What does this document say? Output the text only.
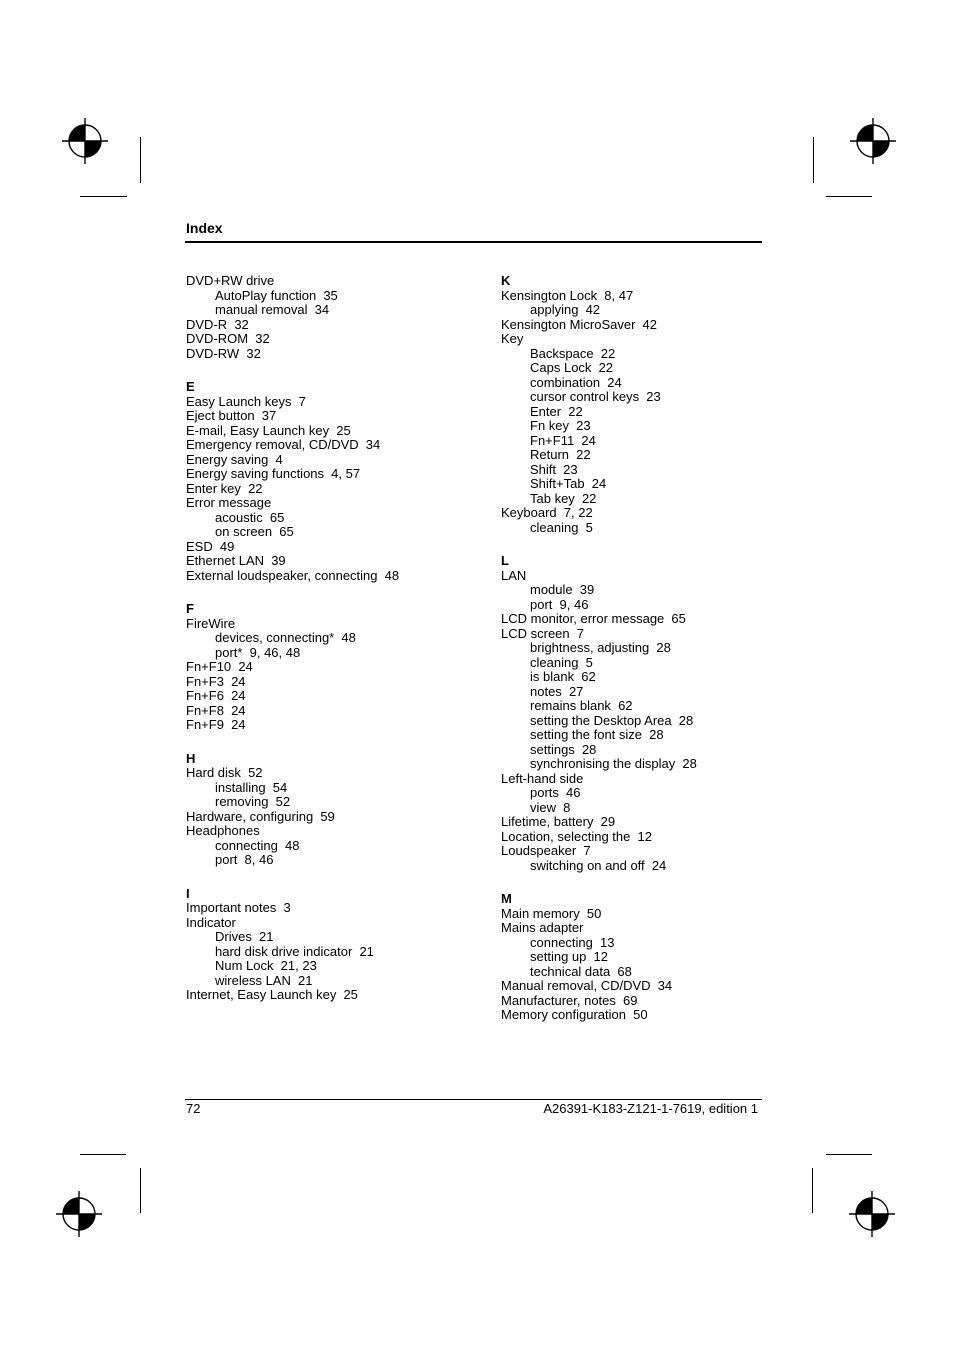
Index
DVD+RW drive
AutoPlay function 35
manual removal 34
DVD-R 32
DVD-ROM 32
DVD-RW 32
E
Easy Launch keys 7
Eject button 37
E-mail, Easy Launch key 25
Emergency removal, CD/DVD 34
Energy saving 4
Energy saving functions 4, 57
Enter key 22
Error message
acoustic 65
on screen 65
ESD 49
Ethernet LAN 39
External loudspeaker, connecting 48
F
FireWire
devices, connecting* 48
port* 9, 46, 48
Fn+F10 24
Fn+F3 24
Fn+F6 24
Fn+F8 24
Fn+F9 24
H
Hard disk 52
installing 54
removing 52
Hardware, configuring 59
Headphones
connecting 48
port 8, 46
I
Important notes 3
Indicator
Drives 21
hard disk drive indicator 21
Num Lock 21, 23
wireless LAN 21
Internet, Easy Launch key 25
K
Kensington Lock 8, 47
applying 42
Kensington MicroSaver 42
Key
Backspace 22
Caps Lock 22
combination 24
cursor control keys 23
Enter 22
Fn key 23
Fn+F11 24
Return 22
Shift 23
Shift+Tab 24
Tab key 22
Keyboard 7, 22
cleaning 5
L
LAN
module 39
port 9, 46
LCD monitor, error message 65
LCD screen 7
brightness, adjusting 28
cleaning 5
is blank 62
notes 27
remains blank 62
setting the Desktop Area 28
setting the font size 28
settings 28
synchronising the display 28
Left-hand side
ports 46
view 8
Lifetime, battery 29
Location, selecting the 12
Loudspeaker 7
switching on and off 24
M
Main memory 50
Mains adapter
connecting 13
setting up 12
technical data 68
Manual removal, CD/DVD 34
Manufacturer, notes 69
Memory configuration 50
72	A26391-K183-Z121-1-7619, edition 1
